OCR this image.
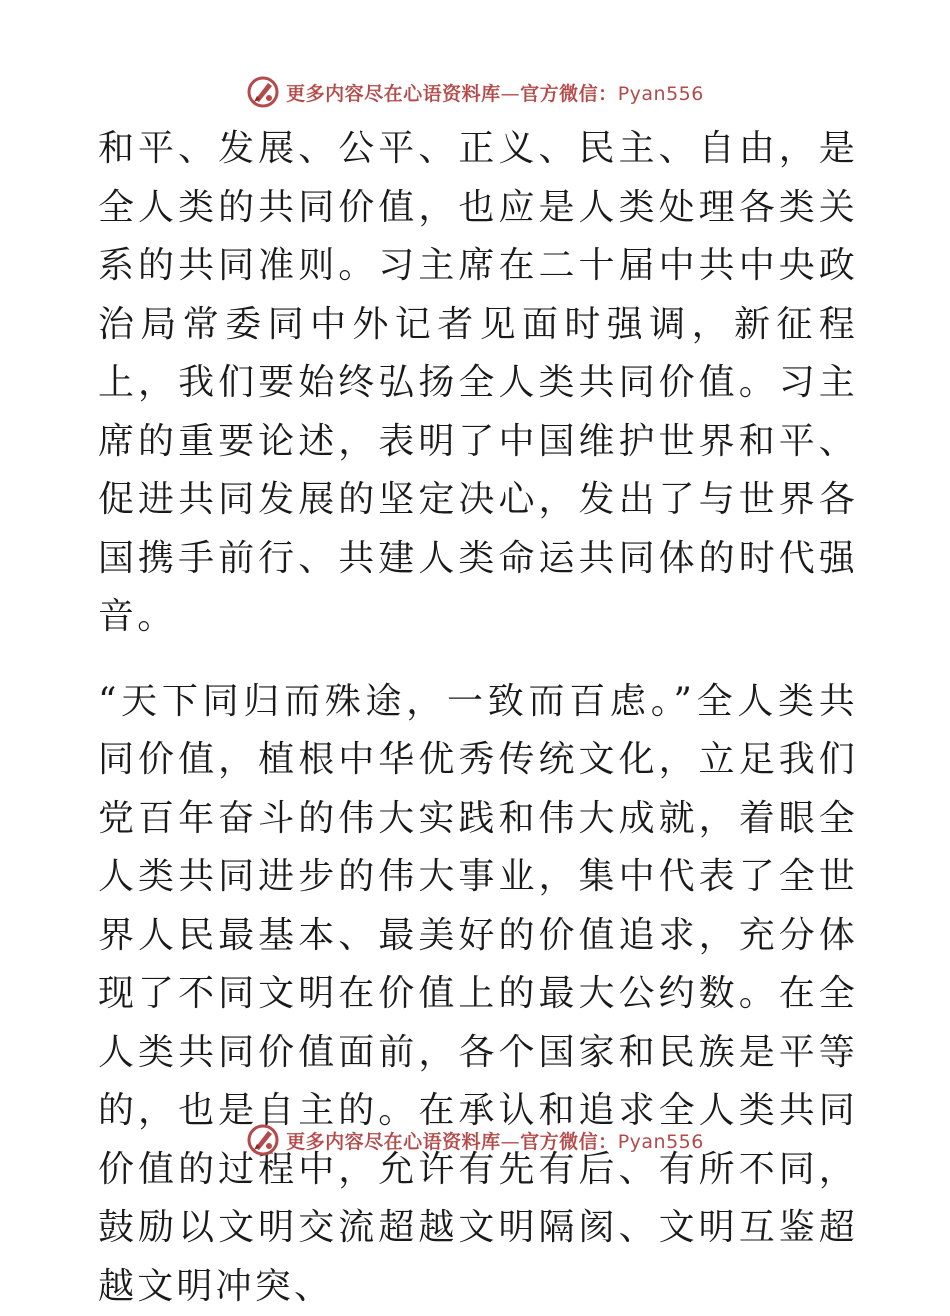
更多内容尽在心语资料库—官方微信：Pyan556

和平、发展、公平、正义、民主、自由，是全人类的共同价值，也应是人类处理各类关系的共同准则。习主席在二十届中共中央政治局常委同中外记者见面时强调，新征程上，我们要始终弘扬全人类共同价值。习主席的重要论述，表明了中国维护世界和平、促进共同发展的坚定决心，发出了与世界各国携手前行、共建人类命运共同体的时代强音。

“天下同归而殊途，一致而百虑。”全人类共同价值，植根中华优秀传统文化，立足我们党百年奋斗的伟大实践和伟大成就，着眼全人类共同进步的伟大事业，集中代表了全世界人民最基本、最美好的价值追求，充分体现了不同文明在价值上的最大公约数。在全人类共同价值面前，各个国家和民族是平等的，也是自主的。在承认和追求全人类共同价值的过程中，允许有先有后、有所不同，鼓励以文明交流超越文明隔阂、文明互鉴超越文明冲突、

更多内容尽在心语资料库—官方微信：Pyan556
